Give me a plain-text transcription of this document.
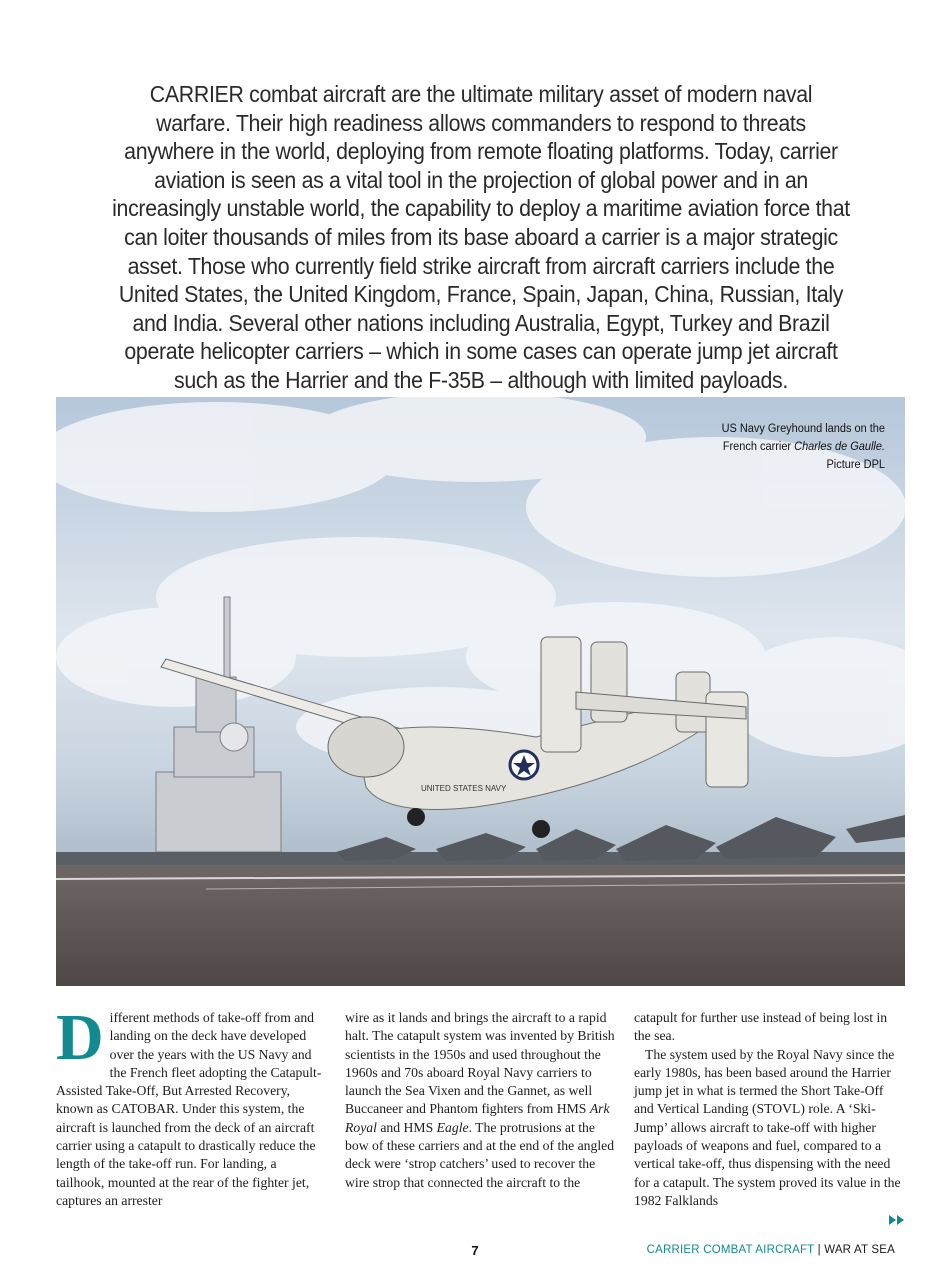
CARRIER combat aircraft are the ultimate military asset of modern naval warfare. Their high readiness allows commanders to respond to threats anywhere in the world, deploying from remote floating platforms. Today, carrier aviation is seen as a vital tool in the projection of global power and in an increasingly unstable world, the capability to deploy a maritime aviation force that can loiter thousands of miles from its base aboard a carrier is a major strategic asset. Those who currently field strike aircraft from aircraft carriers include the United States, the United Kingdom, France, Spain, Japan, China, Russian, Italy and India. Several other nations including Australia, Egypt, Turkey and Brazil operate helicopter carriers – which in some cases can operate jump jet aircraft such as the Harrier and the F-35B – although with limited payloads.
UNITED STATES NAVY
US Navy Greyhound lands on the French carrier Charles de Gaulle. Picture DPL

Different methods of take-off from and landing on the deck have developed over the years with the US Navy and the French fleet adopting the Catapult-Assisted Take-Off, But Arrested Recovery, known as CATOBAR. Under this system, the aircraft is launched from the deck of an aircraft carrier using a catapult to drastically reduce the length of the take-off run. For landing, a tailhook, mounted at the rear of the fighter jet, captures an arrester

wire as it lands and brings the aircraft to a rapid halt. The catapult system was invented by British scientists in the 1950s and used throughout the 1960s and 70s aboard Royal Navy carriers to launch the Sea Vixen and the Gannet, as well Buccaneer and Phantom fighters from HMS Ark Royal and HMS Eagle. The protrusions at the bow of these carriers and at the end of the angled deck were ‘strop catchers’ used to recover the wire strop that connected the aircraft to the

catapult for further use instead of being lost in the sea.

The system used by the Royal Navy since the early 1980s, has been based around the Harrier jump jet in what is termed the Short Take-Off and Vertical Landing (STOVL) role. A ‘Ski-Jump’ allows aircraft to take-off with higher payloads of weapons and fuel, compared to a vertical take-off, thus dispensing with the need for a catapult. The system proved its value in the 1982 Falklands

7	CARRIER COMBAT AIRCRAFT | WAR AT SEA
